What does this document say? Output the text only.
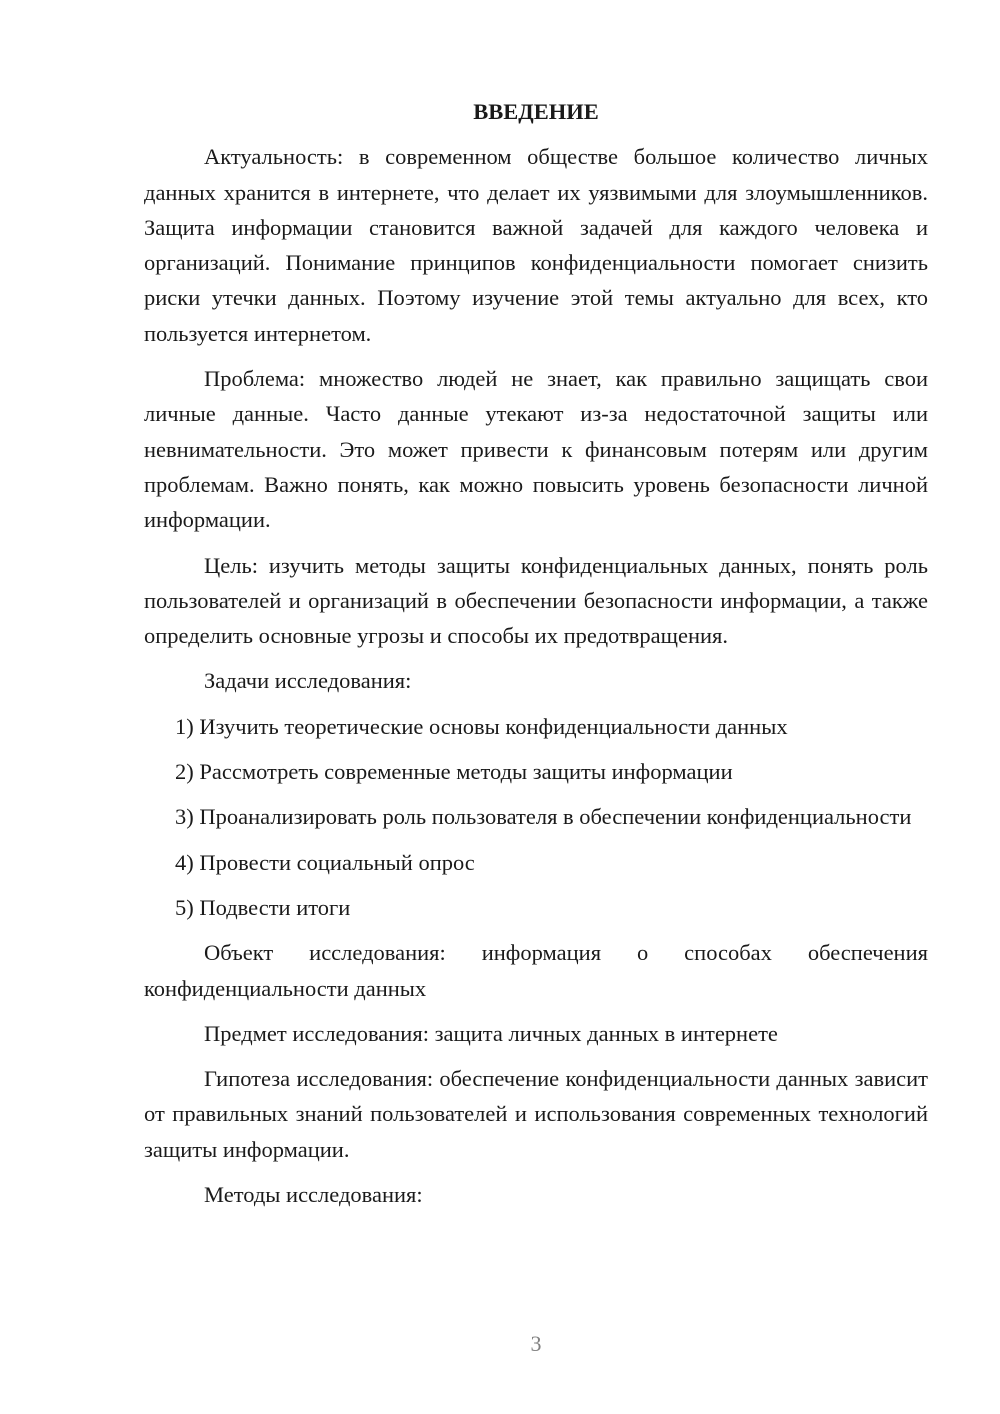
ВВЕДЕНИЕ

Актуальность: в современном обществе большое количество личных данных хранится в интернете, что делает их уязвимыми для злоумышленников. Защита информации становится важной задачей для каждого человека и организаций. Понимание принципов конфиденциальности помогает снизить риски утечки данных. Поэтому изучение этой темы актуально для всех, кто пользуется интернетом.

Проблема: множество людей не знает, как правильно защищать свои личные данные. Часто данные утекают из-за недостаточной защиты или невнимательности. Это может привести к финансовым потерям или другим проблемам. Важно понять, как можно повысить уровень безопасности личной информации.

Цель: изучить методы защиты конфиденциальных данных, понять роль пользователей и организаций в обеспечении безопасности информации, а также определить основные угрозы и способы их предотвращения.

Задачи исследования:

1) Изучить теоретические основы конфиденциальности данных

2) Рассмотреть современные методы защиты информации

3) Проанализировать роль пользователя в обеспечении конфиденциальности

4) Провести социальный опрос

5) Подвести итоги

Объект исследования: информация о способах обеспечения конфиденциальности данных

Предмет исследования: защита личных данных в интернете

Гипотеза исследования: обеспечение конфиденциальности данных зависит от правильных знаний пользователей и использования современных технологий защиты информации.

Методы исследования:

3
